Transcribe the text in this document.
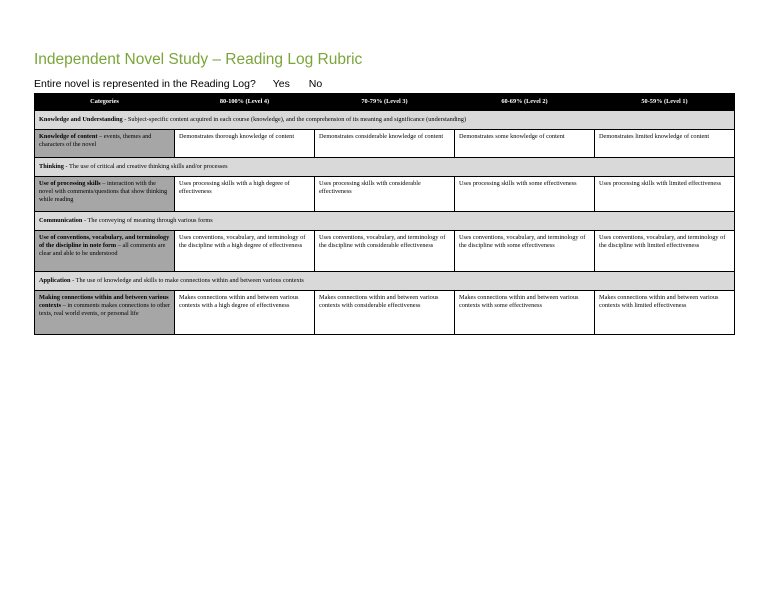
Independent Novel Study – Reading Log Rubric
Entire novel is represented in the Reading Log? Yes No
Categories	80-100% (Level 4)	70-79% (Level 3)	60-69% (Level 2)	50-59% (Level 1)
Knowledge and Understanding - Subject-specific content acquired in each course (knowledge), and the comprehension of its meaning and significance (understanding)				
Knowledge of content – events, themes and characters of the novel	Demonstrates thorough knowledge of content	Demonstrates considerable knowledge of content	Demonstrates some knowledge of content	Demonstrates limited knowledge of content
Thinking - The use of critical and creative thinking skills and/or processes				
Use of processing skills – interaction with the novel with comments/questions that show thinking while reading	Uses processing skills with a high degree of effectiveness	Uses processing skills with considerable effectiveness	Uses processing skills with some effectiveness	Uses processing skills with limited effectiveness
Communication - The conveying of meaning through various forms				
Use of conventions, vocabulary, and terminology of the discipline in note form – all comments are clear and able to be understood	Uses conventions, vocabulary, and terminology of the discipline with a high degree of effectiveness	Uses conventions, vocabulary, and terminology of the discipline with considerable effectiveness	Uses conventions, vocabulary, and terminology of the discipline with some effectiveness	Uses conventions, vocabulary, and terminology of the discipline with limited effectiveness
Application - The use of knowledge and skills to make connections within and between various contexts				
Making connections within and between various contexts – in comments makes connections to other texts, real world events, or personal life	Makes connections within and between various contexts with a high degree of effectiveness	Makes connections within and between various contexts with considerable effectiveness	Makes connections within and between various contexts with some effectiveness	Makes connections within and between various contexts with limited effectiveness
